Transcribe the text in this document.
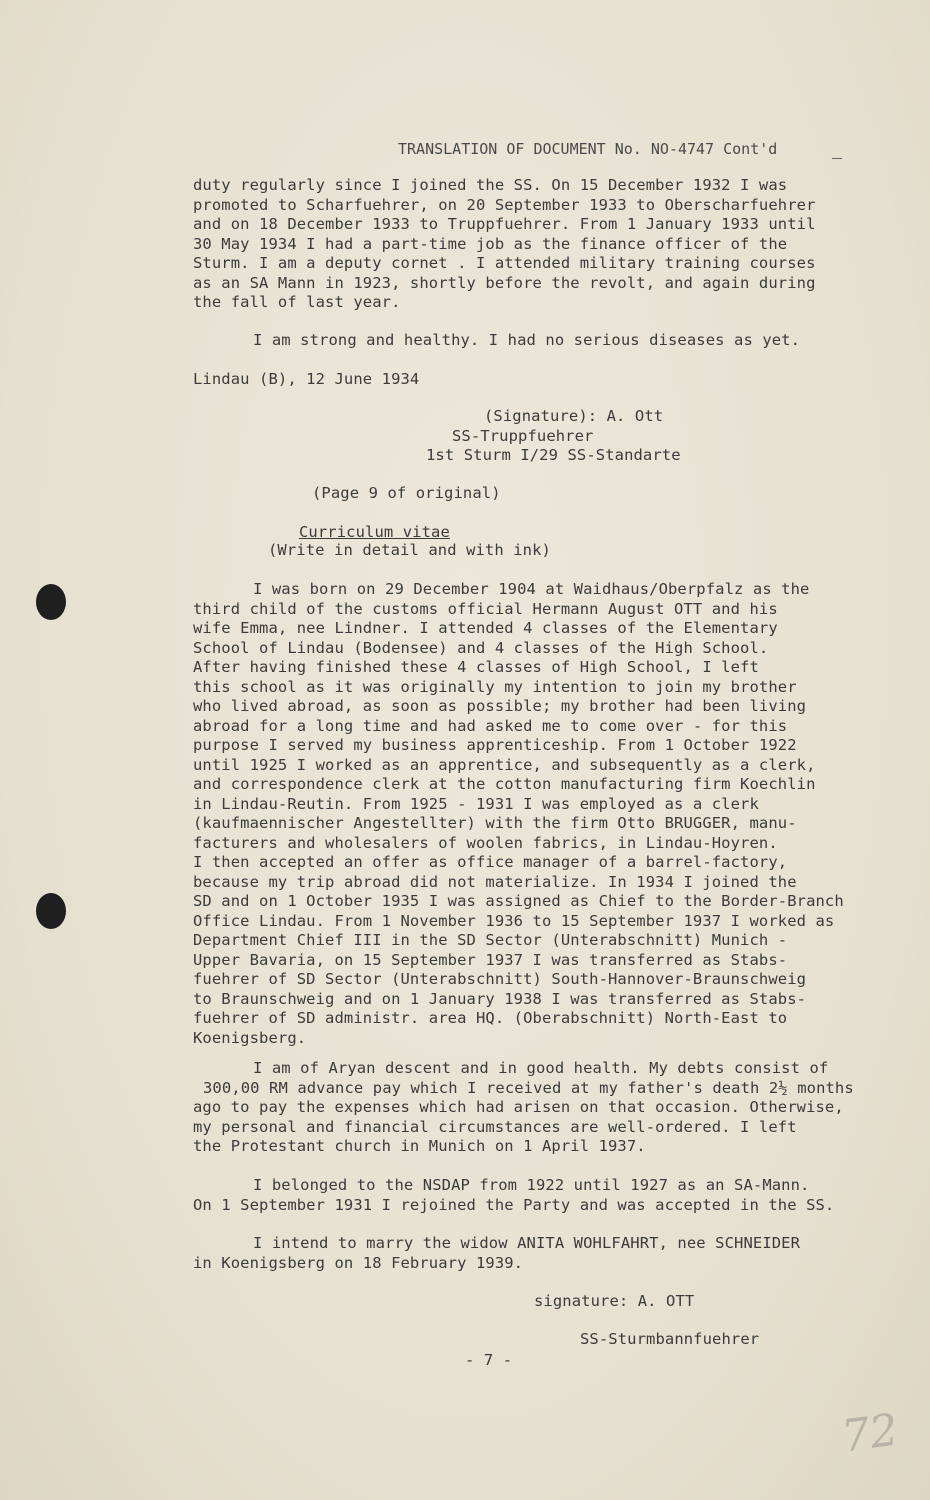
TRANSLATION OF DOCUMENT No. NO-4747 Cont'd
duty regularly since I joined the SS. On 15 December 1932 I was
promoted to Scharfuehrer, on 20 September 1933 to Oberscharfuehrer
and on 18 December 1933 to Truppfuehrer. From 1 January 1933 until
30 May 1934 I had a part-time job as the finance officer of the
Sturm. I am a deputy cornet . I attended military training courses
as an SA Mann in 1923, shortly before the revolt, and again during
the fall of last year.
I am strong and healthy. I had no serious diseases as yet.
Lindau (B), 12 June 1934
(Signature): A. Ott
SS-Truppfuehrer
1st Sturm I/29 SS-Standarte
(Page 9 of original)
Curriculum vitae
(Write in detail and with ink)
I was born on 29 December 1904 at Waidhaus/Oberpfalz as the
third child of the customs official Hermann August OTT and his
wife Emma, nee Lindner. I attended 4 classes of the Elementary
School of Lindau (Bodensee) and 4 classes of the High School.
After having finished these 4 classes of High School, I left
this school as it was originally my intention to join my brother
who lived abroad, as soon as possible; my brother had been living
abroad for a long time and had asked me to come over - for this
purpose I served my business apprenticeship. From 1 October 1922
until 1925 I worked as an apprentice, and subsequently as a clerk,
and correspondence clerk at the cotton manufacturing firm Koechlin
in Lindau-Reutin. From 1925 - 1931 I was employed as a clerk
(kaufmaennischer Angestellter) with the firm Otto BRUGGER, manu-
facturers and wholesalers of woolen fabrics, in Lindau-Hoyren.
I then accepted an offer as office manager of a barrel-factory,
because my trip abroad did not materialize. In 1934 I joined the
SD and on 1 October 1935 I was assigned as Chief to the Border-Branch
Office Lindau. From 1 November 1936 to 15 September 1937 I worked as
Department Chief III in the SD Sector (Unterabschnitt) Munich -
Upper Bavaria, on 15 September 1937 I was transferred as Stabs-
fuehrer of SD Sector (Unterabschnitt) South-Hannover-Braunschweig
to Braunschweig and on 1 January 1938 I was transferred as Stabs-
fuehrer of SD administr. area HQ. (Oberabschnitt) North-East to
Koenigsberg.
I am of Aryan descent and in good health. My debts consist of
300,00 RM advance pay which I received at my father's death 2½ months
ago to pay the expenses which had arisen on that occasion. Otherwise,
my personal and financial circumstances are well-ordered. I left
the Protestant church in Munich on 1 April 1937.
I belonged to the NSDAP from 1922 until 1927 as an SA-Mann.
On 1 September 1931 I rejoined the Party and was accepted in the SS.
I intend to marry the widow ANITA WOHLFAHRT, nee SCHNEIDER
in Koenigsberg on 18 February 1939.
signature: A. OTT
SS-Sturmbannfuehrer
- 7 -
72
